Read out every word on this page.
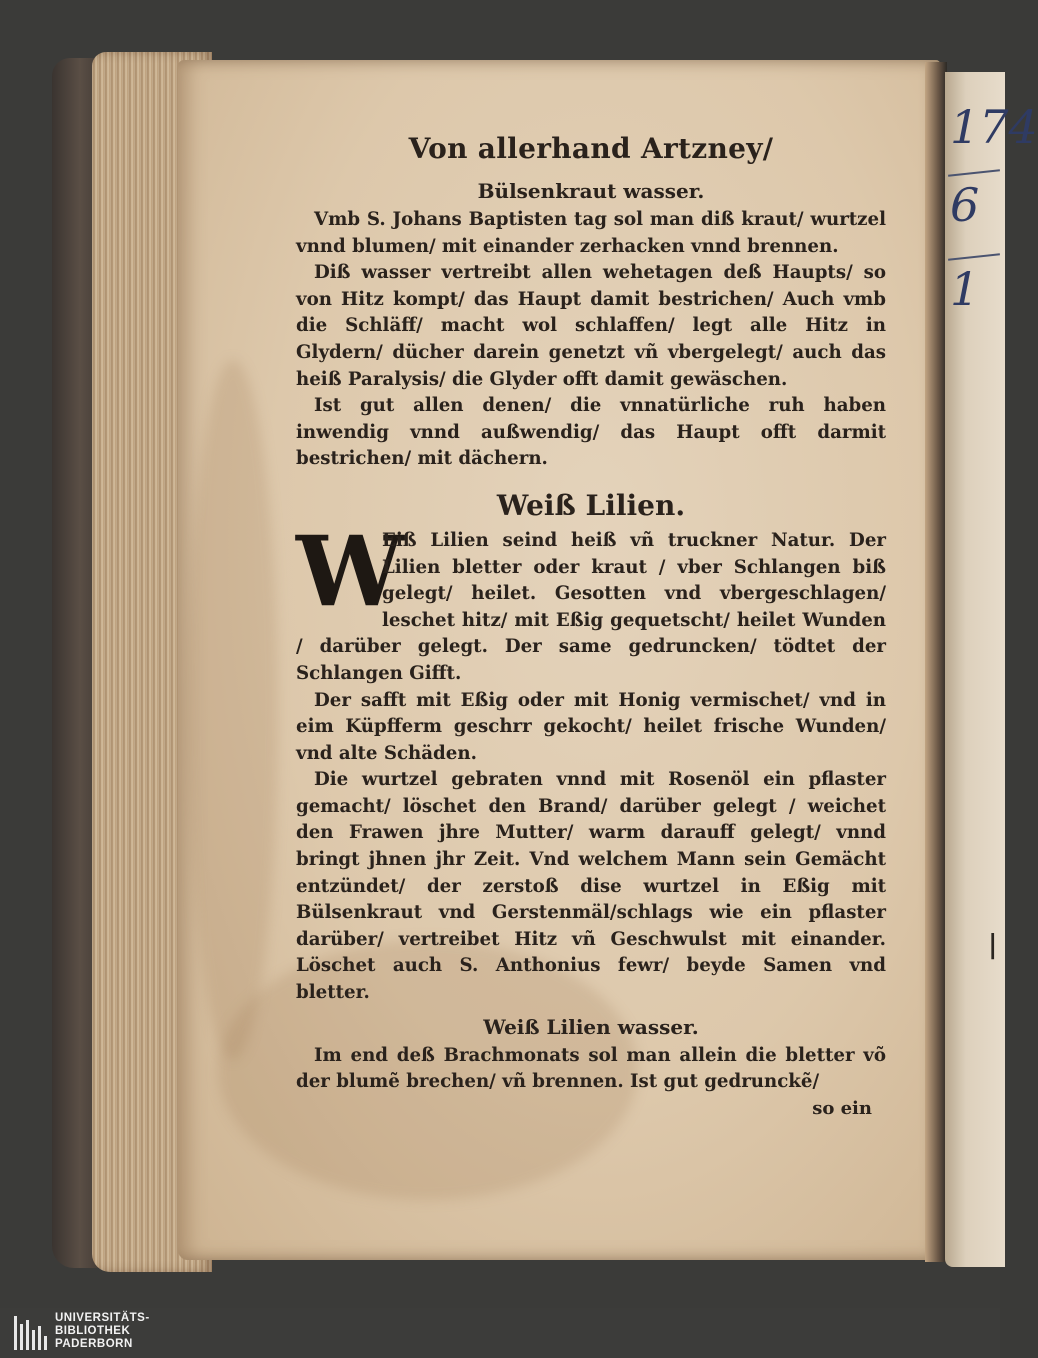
174
6
1
|
Von allerhand Artzney/
Bülsenkraut wasser.

Vmb S. Johans Baptisten tag sol man diß kraut/ wurtzel vnnd blumen/ mit einander zerhacken vnnd brennen.

Diß wasser vertreibt allen wehetagen deß Haupts/ so von Hitz kompt/ das Haupt damit bestrichen/ Auch vmb die Schläff/ macht wol schlaffen/ legt alle Hitz in Glydern/ dücher darein genetzt vñ vbergelegt/ auch das heiß Paralysis/ die Glyder offt damit gewäschen.

Ist gut allen denen/ die vnnatürliche ruh haben inwendig vnnd außwendig/ das Haupt offt darmit bestrichen/ mit dächern.

Weiß Lilien.
W

Eiß Lilien seind heiß vñ truckner Natur. Der Lilien bletter oder kraut / vber Schlangen biß gelegt/ heilet. Gesotten vnd vbergeschlagen/ leschet hitz/ mit Eßig gequetscht/ heilet Wunden / darüber gelegt. Der same gedruncken/ tödtet der Schlangen Gifft.

Der safft mit Eßig oder mit Honig vermischet/ vnd in eim Küpfferm geschrr gekocht/ heilet frische Wunden/ vnd alte Schäden.

Die wurtzel gebraten vnnd mit Rosenöl ein pflaster gemacht/ löschet den Brand/ darüber gelegt / weichet den Frawen jhre Mutter/ warm darauff gelegt/ vnnd bringt jhnen jhr Zeit. Vnd welchem Mann sein Gemächt entzündet/ der zerstoß dise wurtzel in Eßig mit Bülsenkraut vnd Gerstenmäl/schlags wie ein pflaster darüber/ vertreibet Hitz vñ Geschwulst mit einander. Löschet auch S. Anthonius fewr/ beyde Samen vnd bletter.

Weiß Lilien wasser.

Im end deß Brachmonats sol man allein die bletter võ der blumẽ brechen/ vñ brennen. Ist gut gedrunckẽ/

so ein
UNIVERSITÄTS-
BIBLIOTHEK
PADERBORN
